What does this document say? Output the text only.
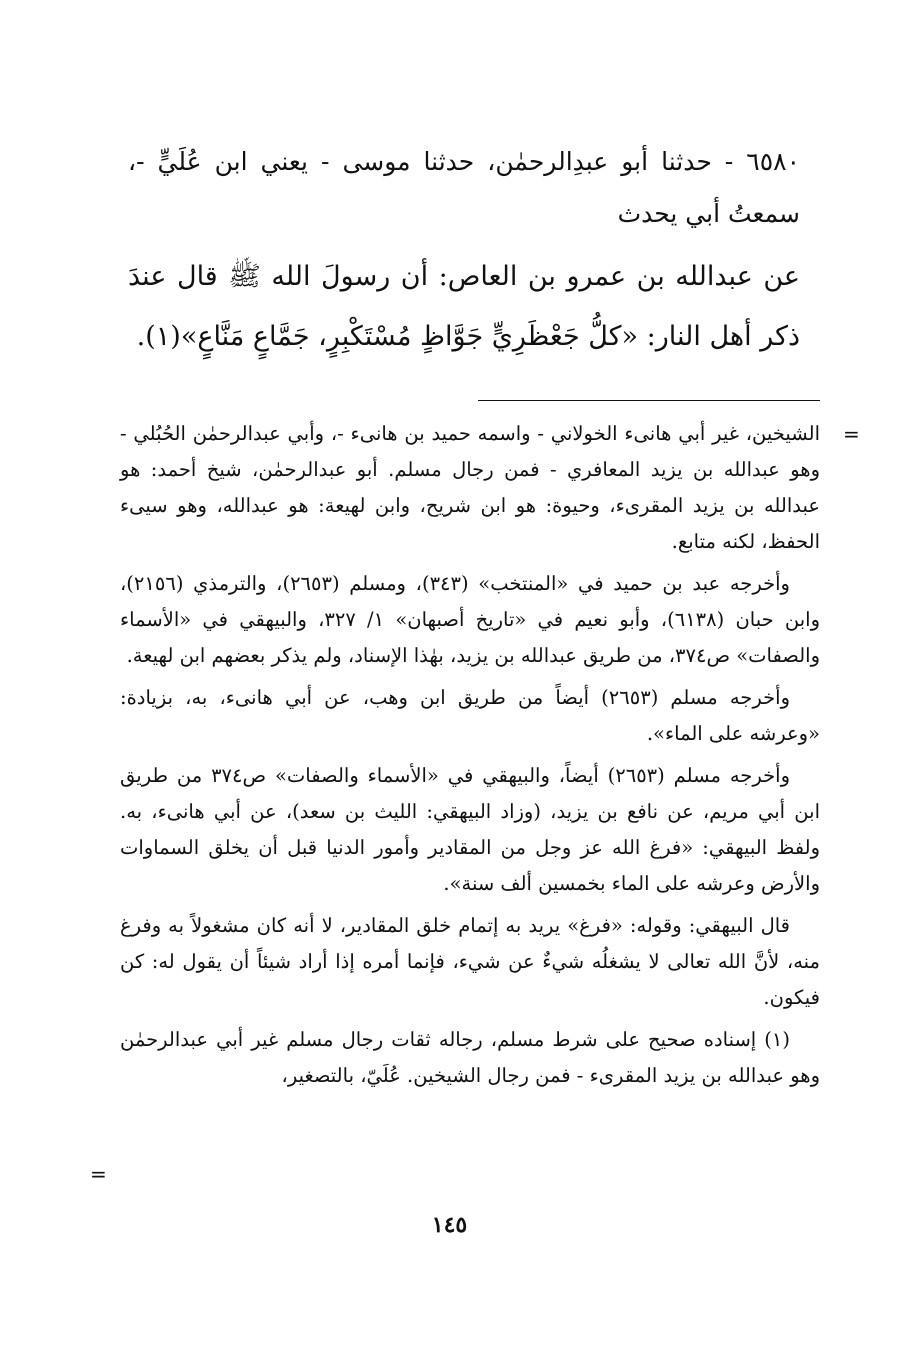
٦٥٨٠ - حدثنا أبو عبدِالرحمٰن، حدثنا موسى - يعني ابن عُلَيٍّ -، سمعتُ أبي يحدث
عن عبدالله بن عمرو بن العاص: أن رسولَ الله ﷺ قال عندَ ذكر أهل النار: «كلُّ جَعْظَرِيٍّ جَوَّاظٍ مُسْتَكْبِرٍ، جَمَّاعٍ مَنَّاعٍ»(١).
=

الشيخين، غير أبي هانىء الخولاني - واسمه حميد بن هانىء -، وأبي عبدالرحمٰن الحُبُلي - وهو عبدالله بن يزيد المعافري - فمن رجال مسلم. أبو عبدالرحمٰن، شيخ أحمد: هو عبدالله بن يزيد المقرىء، وحيوة: هو ابن شريح، وابن لهيعة: هو عبدالله، وهو سيىء الحفظ، لكنه متابع.

وأخرجه عبد بن حميد في «المنتخب» (٣٤٣)، ومسلم (٢٦٥٣)، والترمذي (٢١٥٦)، وابن حبان (٦١٣٨)، وأبو نعيم في «تاريخ أصبهان» ١/ ٣٢٧، والبيهقي في «الأسماء والصفات» ص٣٧٤، من طريق عبدالله بن يزيد، بهٰذا الإسناد، ولم يذكر بعضهم ابن لهيعة.

وأخرجه مسلم (٢٦٥٣) أيضاً من طريق ابن وهب، عن أبي هانىء، به، بزيادة: «وعرشه على الماء».

وأخرجه مسلم (٢٦٥٣) أيضاً، والبيهقي في «الأسماء والصفات» ص٣٧٤ من طريق ابن أبي مريم، عن نافع بن يزيد، (وزاد البيهقي: الليث بن سعد)، عن أبي هانىء، به. ولفظ البيهقي: «فرغ الله عز وجل من المقادير وأمور الدنيا قبل أن يخلق السماوات والأرض وعرشه على الماء بخمسين ألف سنة».

قال البيهقي: وقوله: «فرغ» يريد به إتمام خلق المقادير، لا أنه كان مشغولاً به وفرغ منه، لأنَّ الله تعالى لا يشغلُه شيءٌ عن شيء، فإنما أمره إذا أراد شيئاً أن يقول له: كن فيكون.

(١) إسناده صحيح على شرط مسلم، رجاله ثقات رجال مسلم غير أبي عبدالرحمٰن وهو عبدالله بن يزيد المقرىء - فمن رجال الشيخين. عُلَيّ، بالتصغير،

=
١٤٥
